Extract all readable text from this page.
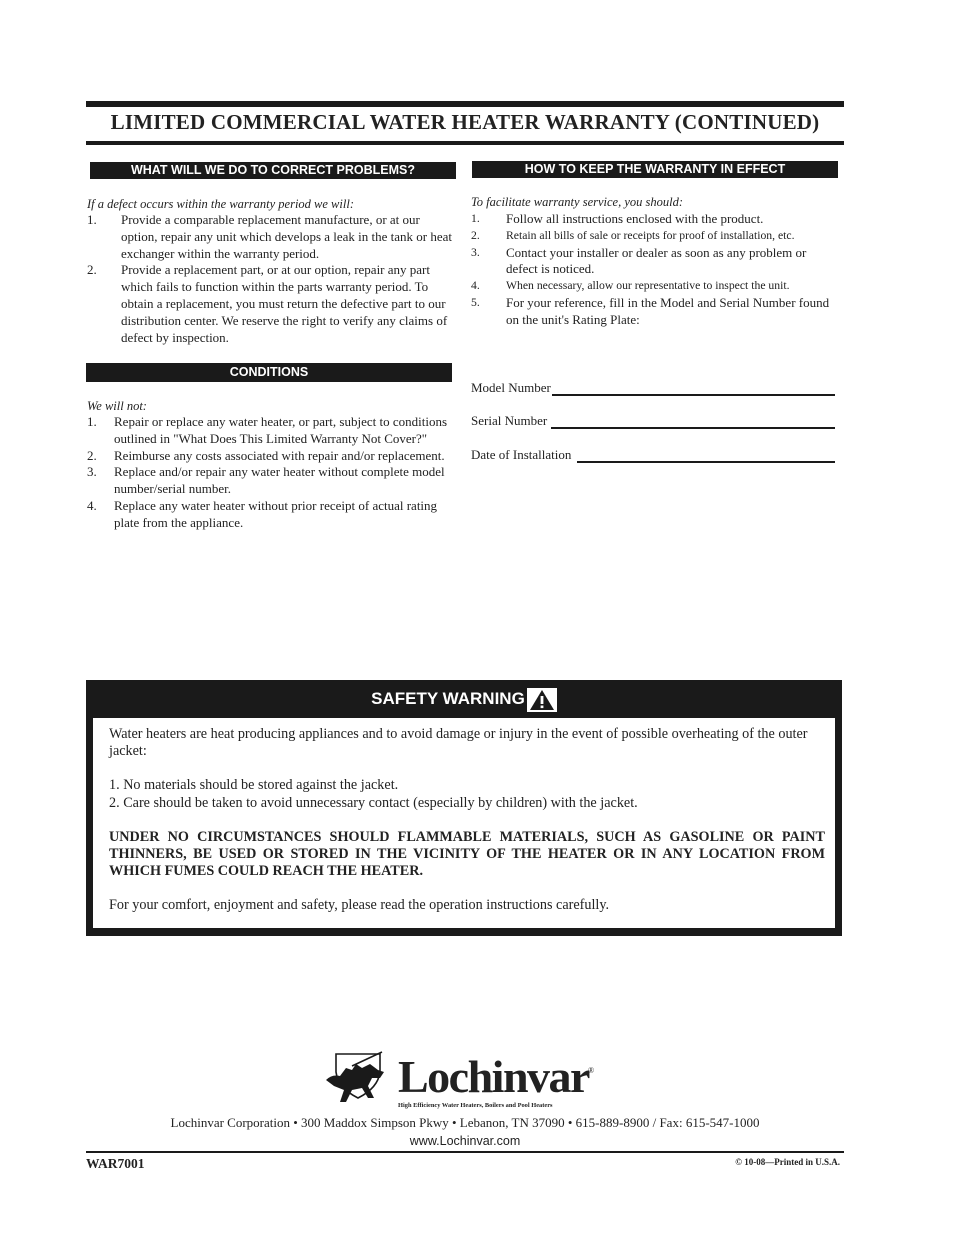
LIMITED COMMERCIAL WATER HEATER WARRANTY (CONTINUED)
WHAT WILL WE DO TO CORRECT PROBLEMS?
If a defect occurs within the warranty period we will:
1. Provide a comparable replacement manufacture, or at our option, repair any unit which develops a leak in the tank or heat exchanger within the warranty period.
2. Provide a replacement part, or at our option, repair any part which fails to function within the parts warranty period. To obtain a replacement, you must return the defective part to our distribution center. We reserve the right to verify any claims of defect by inspection.
CONDITIONS
We will not:
1. Repair or replace any water heater, or part, subject to conditions outlined in "What Does This Limited Warranty Not Cover?"
2. Reimburse any costs associated with repair and/or replacement.
3. Replace and/or repair any water heater without complete model number/serial number.
4. Replace any water heater without prior receipt of actual rating plate from the appliance.
HOW TO KEEP THE WARRANTY IN EFFECT
To facilitate warranty service, you should:
1. Follow all instructions enclosed with the product.
2. Retain all bills of sale or receipts for proof of installation, etc.
3. Contact your installer or dealer as soon as any problem or defect is noticed.
4. When necessary, allow our representative to inspect the unit.
5. For your reference, fill in the Model and Serial Number found on the unit's Rating Plate:
Model Number
Serial Number
Date of Installation
SAFETY WARNING

Water heaters are heat producing appliances and to avoid damage or injury in the event of possible overheating of the outer jacket:

1. No materials should be stored against the jacket.

2. Care should be taken to avoid unnecessary contact (especially by children) with the jacket.

UNDER NO CIRCUMSTANCES SHOULD FLAMMABLE MATERIALS, SUCH AS GASOLINE OR PAINT THINNERS, BE USED OR STORED IN THE VICINITY OF THE HEATER OR IN ANY LOCATION FROM WHICH FUMES COULD REACH THE HEATER.

For your comfort, enjoyment and safety, please read the operation instructions carefully.

Lochinvar ®
High Efficiency Water Heaters, Boilers and Pool Heaters
Lochinvar Corporation • 300 Maddox Simpson Pkwy • Lebanon, TN 37090 • 615-889-8900 / Fax: 615-547-1000
www.Lochinvar.com
WAR7001	© 10-08—Printed in U.S.A.
